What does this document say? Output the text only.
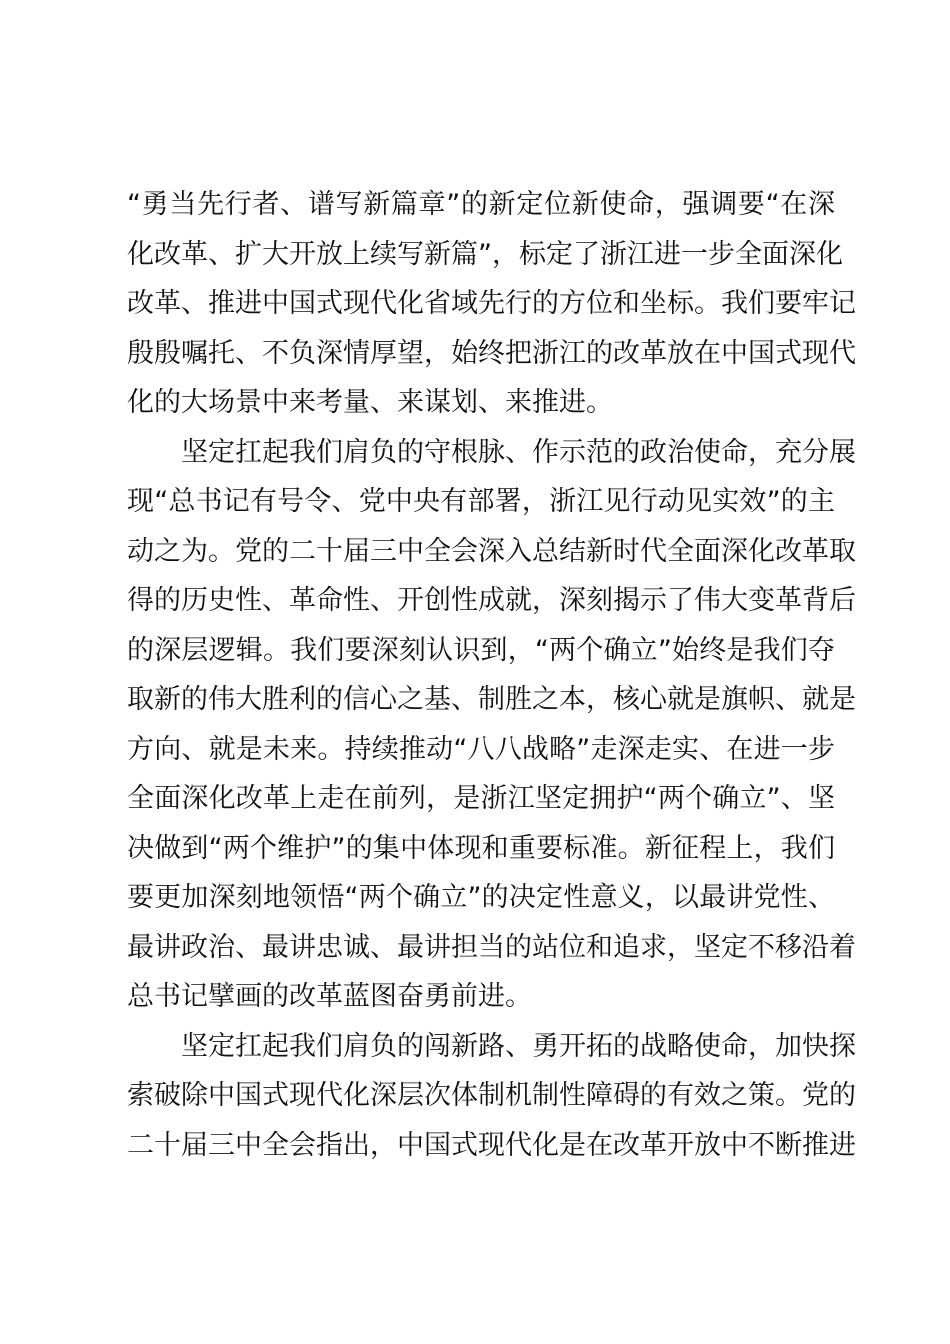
“勇当先行者、谱写新篇章”的新定位新使命，强调要“在深
化改革、扩大开放上续写新篇”，标定了浙江进一步全面深化
改革、推进中国式现代化省域先行的方位和坐标。我们要牢记
殷殷嘱托、不负深情厚望，始终把浙江的改革放在中国式现代
化的大场景中来考量、来谋划、来推进。
坚定扛起我们肩负的守根脉、作示范的政治使命，充分展
现“总书记有号令、党中央有部署，浙江见行动见实效”的主
动之为。党的二十届三中全会深入总结新时代全面深化改革取
得的历史性、革命性、开创性成就，深刻揭示了伟大变革背后
的深层逻辑。我们要深刻认识到，“两个确立”始终是我们夺
取新的伟大胜利的信心之基、制胜之本，核心就是旗帜、就是
方向、就是未来。持续推动“八八战略”走深走实、在进一步
全面深化改革上走在前列，是浙江坚定拥护“两个确立”、坚
决做到“两个维护”的集中体现和重要标准。新征程上，我们
要更加深刻地领悟“两个确立”的决定性意义，以最讲党性、
最讲政治、最讲忠诚、最讲担当的站位和追求，坚定不移沿着
总书记擘画的改革蓝图奋勇前进。
坚定扛起我们肩负的闯新路、勇开拓的战略使命，加快探
索破除中国式现代化深层次体制机制性障碍的有效之策。党的
二十届三中全会指出，中国式现代化是在改革开放中不断推进
